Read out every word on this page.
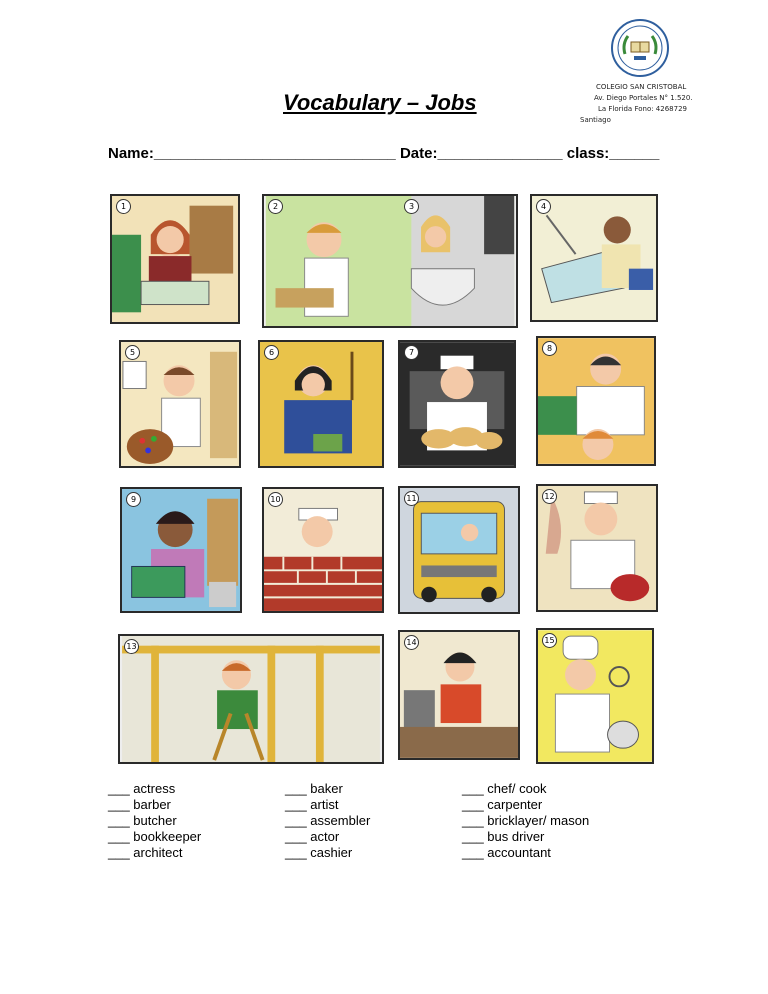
COLEGIO SAN CRISTOBAL
Av. Diego Portales N° 1.520.
La Florida Fono: 4268729
Santiago
Vocabulary – Jobs
Name:_____________________________ Date:_______________ class:______
1	2	3	4
5	6	7	8
9	10	11	12
13	14	15
___ actress
___ barber
___ butcher
___ bookkeeper
___ architect
___ baker
___ artist
___ assembler
___ actor
___ cashier
___ chef/ cook
___ carpenter
___ bricklayer/ mason
___ bus driver
___ accountant
